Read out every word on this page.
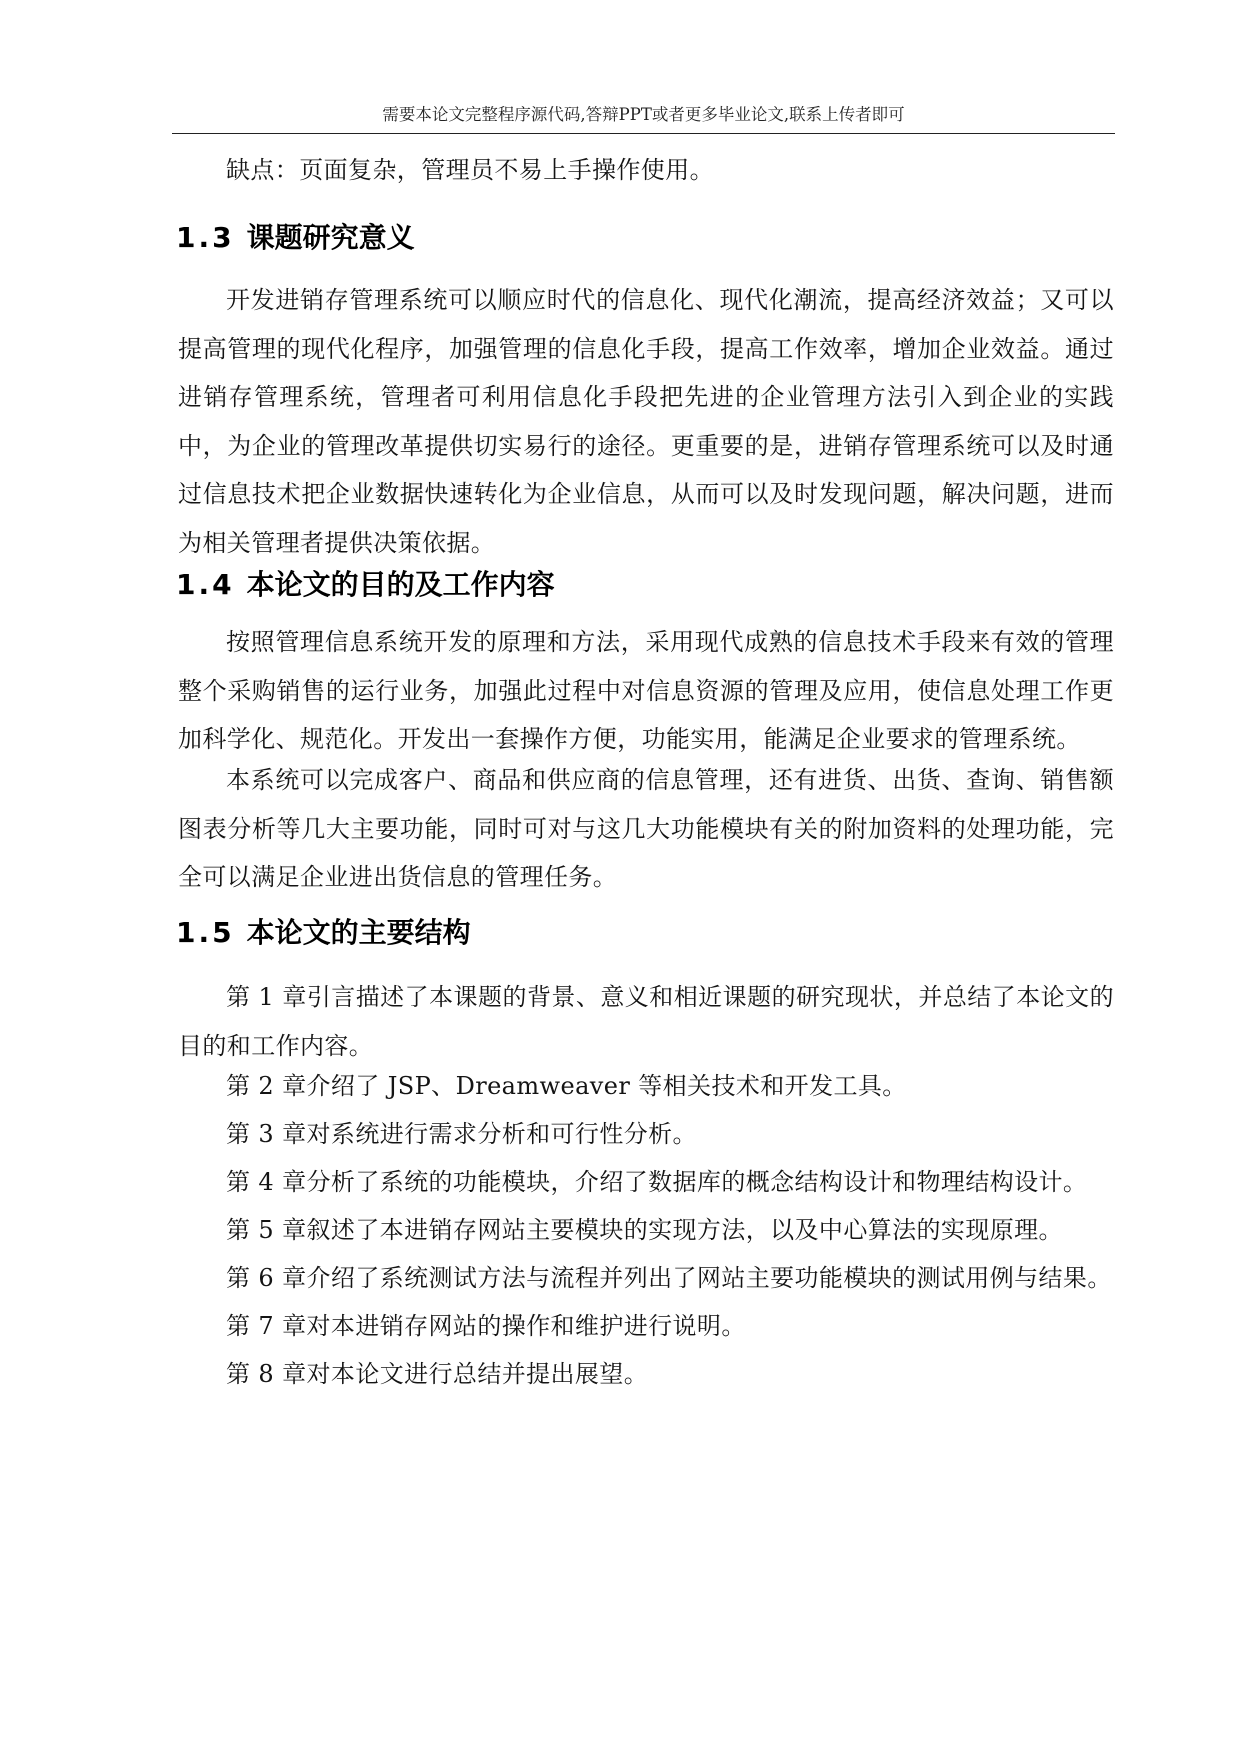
需要本论文完整程序源代码,答辩PPT或者更多毕业论文,联系上传者即可

缺点：页面复杂，管理员不易上手操作使用。

1.3 课题研究意义

开发进销存管理系统可以顺应时代的信息化、现代化潮流，提高经济效益；又可以提高管理的现代化程序，加强管理的信息化手段，提高工作效率，增加企业效益。通过进销存管理系统，管理者可利用信息化手段把先进的企业管理方法引入到企业的实践中，为企业的管理改革提供切实易行的途径。更重要的是，进销存管理系统可以及时通过信息技术把企业数据快速转化为企业信息，从而可以及时发现问题，解决问题，进而为相关管理者提供决策依据。

1.4 本论文的目的及工作内容

按照管理信息系统开发的原理和方法，采用现代成熟的信息技术手段来有效的管理整个采购销售的运行业务，加强此过程中对信息资源的管理及应用，使信息处理工作更加科学化、规范化。开发出一套操作方便，功能实用，能满足企业要求的管理系统。

本系统可以完成客户、商品和供应商的信息管理，还有进货、出货、查询、销售额图表分析等几大主要功能，同时可对与这几大功能模块有关的附加资料的处理功能，完全可以满足企业进出货信息的管理任务。

1.5 本论文的主要结构

第 1 章引言描述了本课题的背景、意义和相近课题的研究现状，并总结了本论文的目的和工作内容。

第 2 章介绍了 JSP、Dreamweaver 等相关技术和开发工具。

第 3 章对系统进行需求分析和可行性分析。

第 4 章分析了系统的功能模块，介绍了数据库的概念结构设计和物理结构设计。

第 5 章叙述了本进销存网站主要模块的实现方法，以及中心算法的实现原理。

第 6 章介绍了系统测试方法与流程并列出了网站主要功能模块的测试用例与结果。

第 7 章对本进销存网站的操作和维护进行说明。

第 8 章对本论文进行总结并提出展望。
